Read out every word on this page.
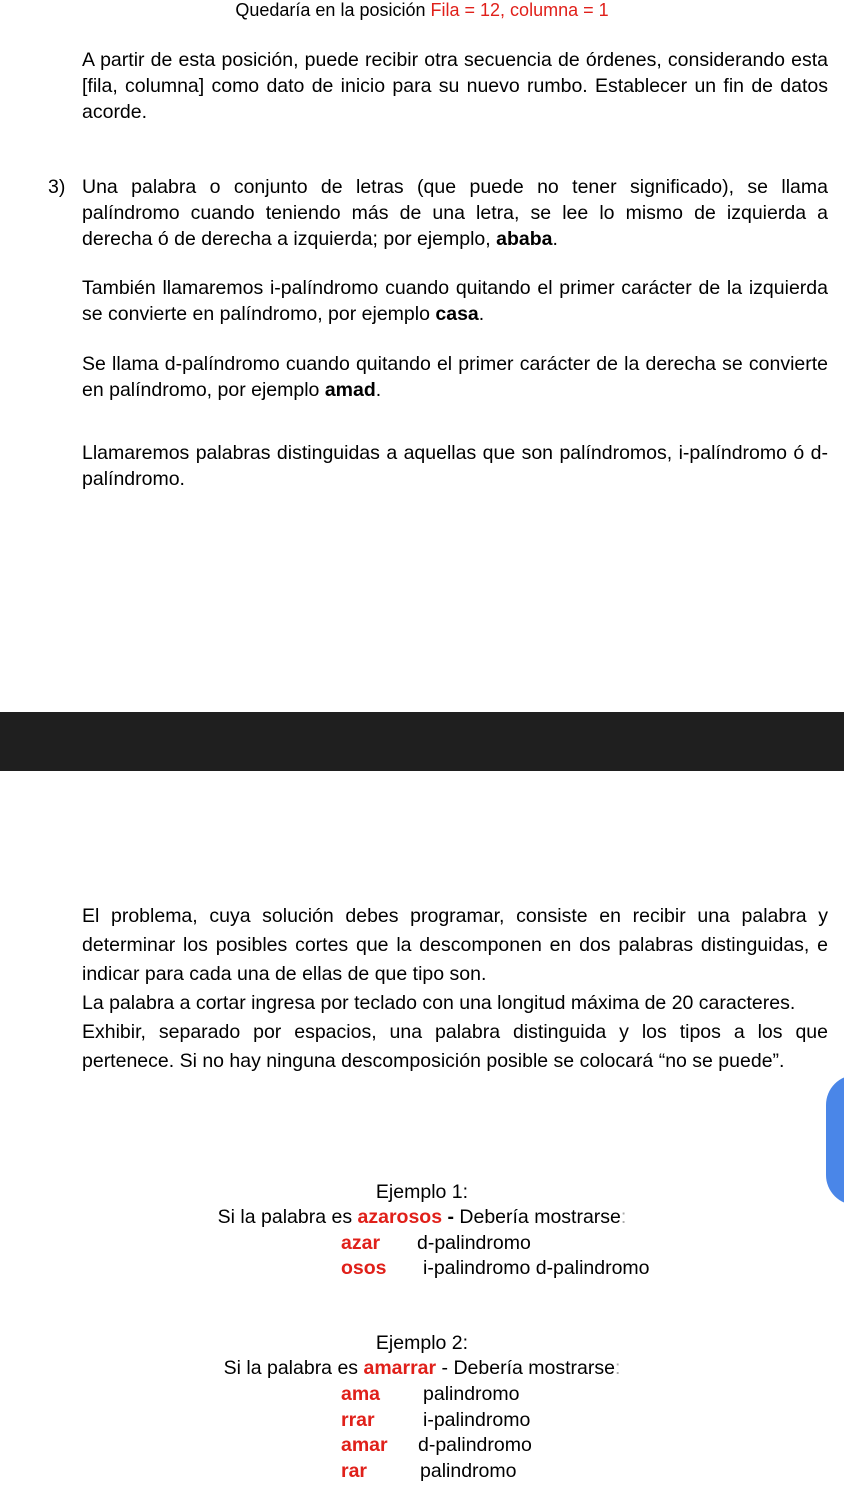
Quedaría en la posición Fila = 12, columna = 1

A partir de esta posición, puede recibir otra secuencia de órdenes, considerando esta [fila, columna] como dato de inicio para su nuevo rumbo. Establecer un fin de datos acorde.

3) Una palabra o conjunto de letras (que puede no tener significado), se llama palíndromo cuando teniendo más de una letra, se lee lo mismo de izquierda a derecha ó de derecha a izquierda; por ejemplo, ababa.

También llamaremos i-palíndromo cuando quitando el primer carácter de la izquierda se convierte en palíndromo, por ejemplo casa.

Se llama d-palíndromo cuando quitando el primer carácter de la derecha se convierte en palíndromo, por ejemplo amad.

Llamaremos palabras distinguidas a aquellas que son palíndromos, i-palíndromo ó d-palíndromo.

El problema, cuya solución debes programar, consiste en recibir una palabra y determinar los posibles cortes que la descomponen en dos palabras distinguidas, e indicar para cada una de ellas de que tipo son.

La palabra a cortar ingresa por teclado con una longitud máxima de 20 caracteres.

Exhibir, separado por espacios, una palabra distinguida y los tipos a los que pertenece. Si no hay ninguna descomposición posible se colocará “no se puede”.

Ejemplo 1:
Si la palabra es azarosos - Debería mostrarse:
azar d-palindromo
osos i-palindromo d-palindromo
Ejemplo 2:
Si la palabra es amarrar - Debería mostrarse:
ama palindromo
rrar i-palindromo
amar d-palindromo
rar	palindromo
